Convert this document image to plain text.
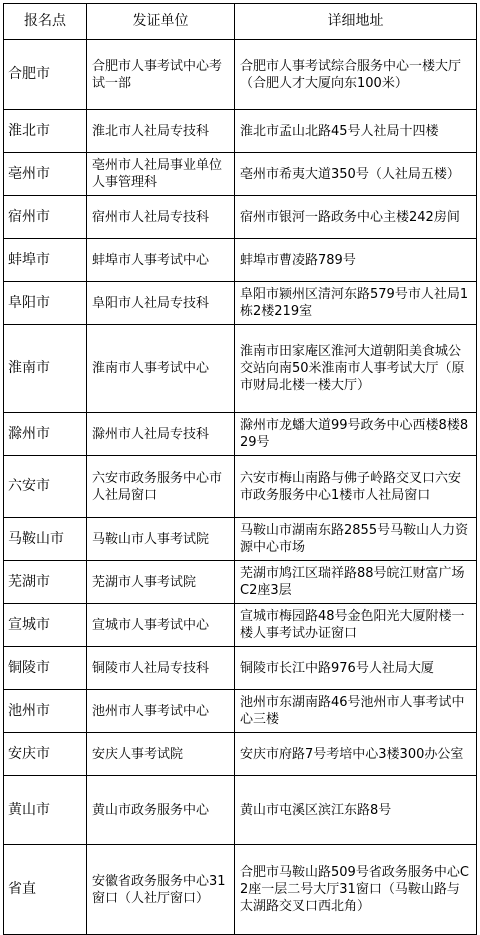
报名点	发证单位	详细地址
合肥市	合肥市人事考试中心考试一部	合肥市人事考试综合服务中心一楼大厅（合肥人才大厦向东100米）
淮北市	淮北市人社局专技科	淮北市孟山北路45号人社局十四楼
亳州市	亳州市人社局事业单位人事管理科	亳州市希夷大道350号（人社局五楼）
宿州市	宿州市人社局专技科	宿州市银河一路政务中心主楼242房间
蚌埠市	蚌埠市人事考试中心	蚌埠市曹凌路789号
阜阳市	阜阳市人社局专技科	阜阳市颍州区清河东路579号市人社局1栋2楼219室
淮南市	淮南市人事考试中心	淮南市田家庵区淮河大道朝阳美食城公交站向南50米淮南市人事考试大厅（原市财局北楼一楼大厅）
滁州市	滁州市人社局专技科	滁州市龙蟠大道99号政务中心西楼8楼829号
六安市	六安市政务服务中心市人社局窗口	六安市梅山南路与佛子岭路交叉口六安市政务服务中心1楼市人社局窗口
马鞍山市	马鞍山市人事考试院	马鞍山市湖南东路2855号马鞍山人力资源中心市场
芜湖市	芜湖市人事考试院	芜湖市鸠江区瑞祥路88号皖江财富广场C2座3层
宣城市	宣城市人事考试中心	宣城市梅园路48号金色阳光大厦附楼一楼人事考试办证窗口
铜陵市	铜陵市人社局专技科	铜陵市长江中路976号人社局大厦
池州市	池州市人事考试中心	池州市东湖南路46号池州市人事考试中心三楼
安庆市	安庆人事考试院	安庆市府路7号考培中心3楼300办公室
黄山市	黄山市政务服务中心	黄山市屯溪区滨江东路8号
省直	安徽省政务服务中心31窗口（人社厅窗口）	合肥市马鞍山路509号省政务服务中心C2座一层二号大厅31窗口（马鞍山路与太湖路交叉口西北角）
